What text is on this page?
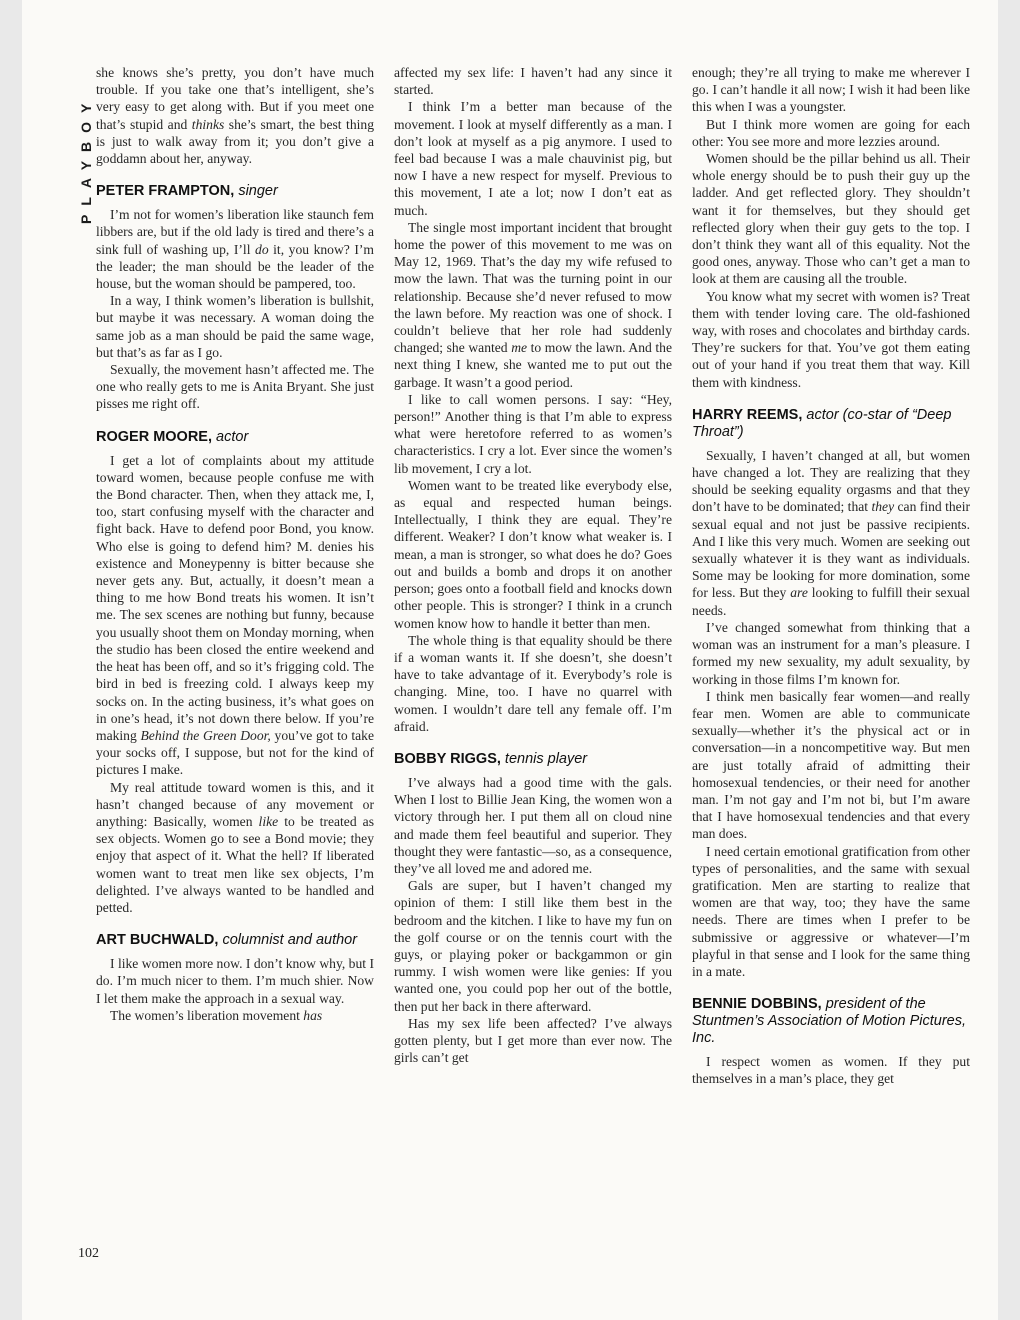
PLAYBOY
102

she knows she’s pretty, you don’t have much trouble. If you take one that’s intelligent, she’s very easy to get along with. But if you meet one that’s stupid and thinks she’s smart, the best thing is just to walk away from it; you don’t give a goddamn about her, anyway.

PETER FRAMPTON, singer

I’m not for women’s liberation like staunch fem libbers are, but if the old lady is tired and there’s a sink full of washing up, I’ll do it, you know? I’m the leader; the man should be the leader of the house, but the woman should be pampered, too.

In a way, I think women’s liberation is bullshit, but maybe it was necessary. A woman doing the same job as a man should be paid the same wage, but that’s as far as I go.

Sexually, the movement hasn’t affected me. The one who really gets to me is Anita Bryant. She just pisses me right off.

ROGER MOORE, actor

I get a lot of complaints about my attitude toward women, because people confuse me with the Bond character. Then, when they attack me, I, too, start confusing myself with the character and fight back. Have to defend poor Bond, you know. Who else is going to defend him? M. denies his existence and Moneypenny is bitter because she never gets any. But, actually, it doesn’t mean a thing to me how Bond treats his women. It isn’t me. The sex scenes are nothing but funny, because you usually shoot them on Monday morning, when the studio has been closed the entire weekend and the heat has been off, and so it’s frigging cold. The bird in bed is freezing cold. I always keep my socks on. In the acting business, it’s what goes on in one’s head, it’s not down there below. If you’re making Behind the Green Door, you’ve got to take your socks off, I suppose, but not for the kind of pictures I make.

My real attitude toward women is this, and it hasn’t changed because of any movement or anything: Basically, women like to be treated as sex objects. Women go to see a Bond movie; they enjoy that aspect of it. What the hell? If liberated women want to treat men like sex objects, I’m delighted. I’ve always wanted to be handled and petted.

ART BUCHWALD, columnist and author

I like women more now. I don’t know why, but I do. I’m much nicer to them. I’m much shier. Now I let them make the approach in a sexual way.

The women’s liberation movement has

affected my sex life: I haven’t had any since it started.

I think I’m a better man because of the movement. I look at myself differently as a man. I don’t look at myself as a pig anymore. I used to feel bad because I was a male chauvinist pig, but now I have a new respect for myself. Previous to this movement, I ate a lot; now I don’t eat as much.

The single most important incident that brought home the power of this movement to me was on May 12, 1969. That’s the day my wife refused to mow the lawn. That was the turning point in our relationship. Because she’d never refused to mow the lawn before. My reaction was one of shock. I couldn’t believe that her role had suddenly changed; she wanted me to mow the lawn. And the next thing I knew, she wanted me to put out the garbage. It wasn’t a good period.

I like to call women persons. I say: “Hey, person!” Another thing is that I’m able to express what were heretofore referred to as women’s characteristics. I cry a lot. Ever since the women’s lib movement, I cry a lot.

Women want to be treated like everybody else, as equal and respected human beings. Intellectually, I think they are equal. They’re different. Weaker? I don’t know what weaker is. I mean, a man is stronger, so what does he do? Goes out and builds a bomb and drops it on another person; goes onto a football field and knocks down other people. This is stronger? I think in a crunch women know how to handle it better than men.

The whole thing is that equality should be there if a woman wants it. If she doesn’t, she doesn’t have to take advantage of it. Everybody’s role is changing. Mine, too. I have no quarrel with women. I wouldn’t dare tell any female off. I’m afraid.

BOBBY RIGGS, tennis player

I’ve always had a good time with the gals. When I lost to Billie Jean King, the women won a victory through her. I put them all on cloud nine and made them feel beautiful and superior. They thought they were fantastic—so, as a consequence, they’ve all loved me and adored me.

Gals are super, but I haven’t changed my opinion of them: I still like them best in the bedroom and the kitchen. I like to have my fun on the golf course or on the tennis court with the guys, or playing poker or backgammon or gin rummy. I wish women were like genies: If you wanted one, you could pop her out of the bottle, then put her back in there afterward.

Has my sex life been affected? I’ve always gotten plenty, but I get more than ever now. The girls can’t get

enough; they’re all trying to make me wherever I go. I can’t handle it all now; I wish it had been like this when I was a youngster.

But I think more women are going for each other: You see more and more lezzies around.

Women should be the pillar behind us all. Their whole energy should be to push their guy up the ladder. And get reflected glory. They shouldn’t want it for themselves, but they should get reflected glory when their guy gets to the top. I don’t think they want all of this equality. Not the good ones, anyway. Those who can’t get a man to look at them are causing all the trouble.

You know what my secret with women is? Treat them with tender loving care. The old-fashioned way, with roses and chocolates and birthday cards. They’re suckers for that. You’ve got them eating out of your hand if you treat them that way. Kill them with kindness.

HARRY REEMS, actor (co-star of “Deep Throat”)

Sexually, I haven’t changed at all, but women have changed a lot. They are realizing that they should be seeking equality orgasms and that they don’t have to be dominated; that they can find their sexual equal and not just be passive recipients. And I like this very much. Women are seeking out sexually whatever it is they want as individuals. Some may be looking for more domination, some for less. But they are looking to fulfill their sexual needs.

I’ve changed somewhat from thinking that a woman was an instrument for a man’s pleasure. I formed my new sexuality, my adult sexuality, by working in those films I’m known for.

I think men basically fear women—and really fear men. Women are able to communicate sexually—whether it’s the physical act or in conversation—in a noncompetitive way. But men are just totally afraid of admitting their homosexual tendencies, or their need for another man. I’m not gay and I’m not bi, but I’m aware that I have homosexual tendencies and that every man does.

I need certain emotional gratification from other types of personalities, and the same with sexual gratification. Men are starting to realize that women are that way, too; they have the same needs. There are times when I prefer to be submissive or aggressive or whatever—I’m playful in that sense and I look for the same thing in a mate.

BENNIE DOBBINS, president of the Stuntmen’s Association of Motion Pictures, Inc.

I respect women as women. If they put themselves in a man’s place, they get
